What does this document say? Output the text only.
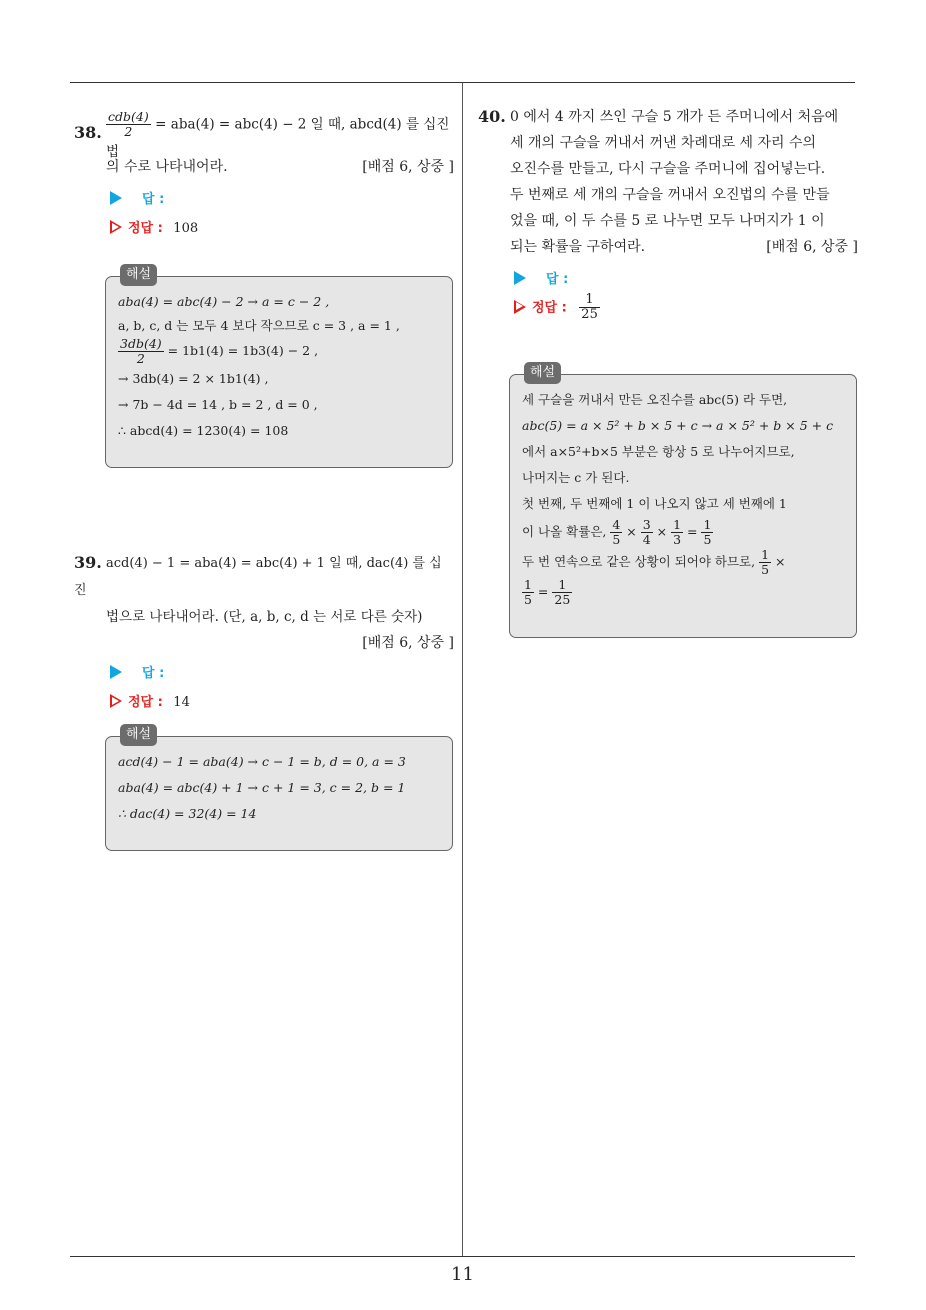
38. $\frac{\text{cdb(4)}}{2} = aba(4) = abc(4) - 2$ 일 때, abcd(4) 를 십진법
의 수로 나타내어라.	[배점 6, 상중 ]
답 :
정답 : 108
aba(4) = abc(4) − 2 → a = c − 2 ,
a, b, c, d 는 모두 4 보다 작으므로 c = 3 , a = 1 ,
$\frac{3db(4)}{2} = 1b1(4) = 1b3(4) - 2$ ,
→ 3db(4) = 2 × 1b1(4) ,
→ 7b − 4d = 14 , b = 2 , d = 0 ,
∴ abcd(4) = 1230(4) = 108
해설
39. acd(4) − 1 = aba(4) = abc(4) + 1 일 때, dac(4) 를 십진
법으로 나타내어라. (단, a, b, c, d 는 서로 다른 숫자)
[배점 6, 상중 ]
답 :
정답 : 14
acd(4) − 1 = aba(4) → c − 1 = b, d = 0, a = 3
aba(4) = abc(4) + 1 → c + 1 = 3, c = 2, b = 1
∴ dac(4) = 32(4) = 14
해설
40. 0 에서 4 까지 쓰인 구슬 5 개가 든 주머니에서 처음에
세 개의 구슬을 꺼내서 꺼낸 차례대로 세 자리 수의
오진수를 만들고, 다시 구슬을 주머니에 집어넣는다.
두 번째로 세 개의 구슬을 꺼내서 오진법의 수를 만들
었을 때, 이 두 수를 5 로 나누면 모두 나머지가 1 이
되는 확률을 구하여라.	[배점 6, 상중 ]
답 :
정답 : $\frac{1}{25}$
세 구슬을 꺼내서 만든 오진수를 abc(5) 라 두면,
abc(5) = a × 5² + b × 5 + c → a × 5² + b × 5 + c
에서 a×5²+b×5 부분은 항상 5 로 나누어지므로,
나머지는 c 가 된다.
첫 번째, 두 번째에 1 이 나오지 않고 세 번째에 1
이 나올 확률은, $\frac{4}{5} \times \frac{3}{4} \times \frac{1}{3} = \frac{1}{5}$
두 번 연속으로 같은 상황이 되어야 하므로, $\frac{1}{5}$ ×
$\frac{1}{5} = \frac{1}{25}$
해설
11
